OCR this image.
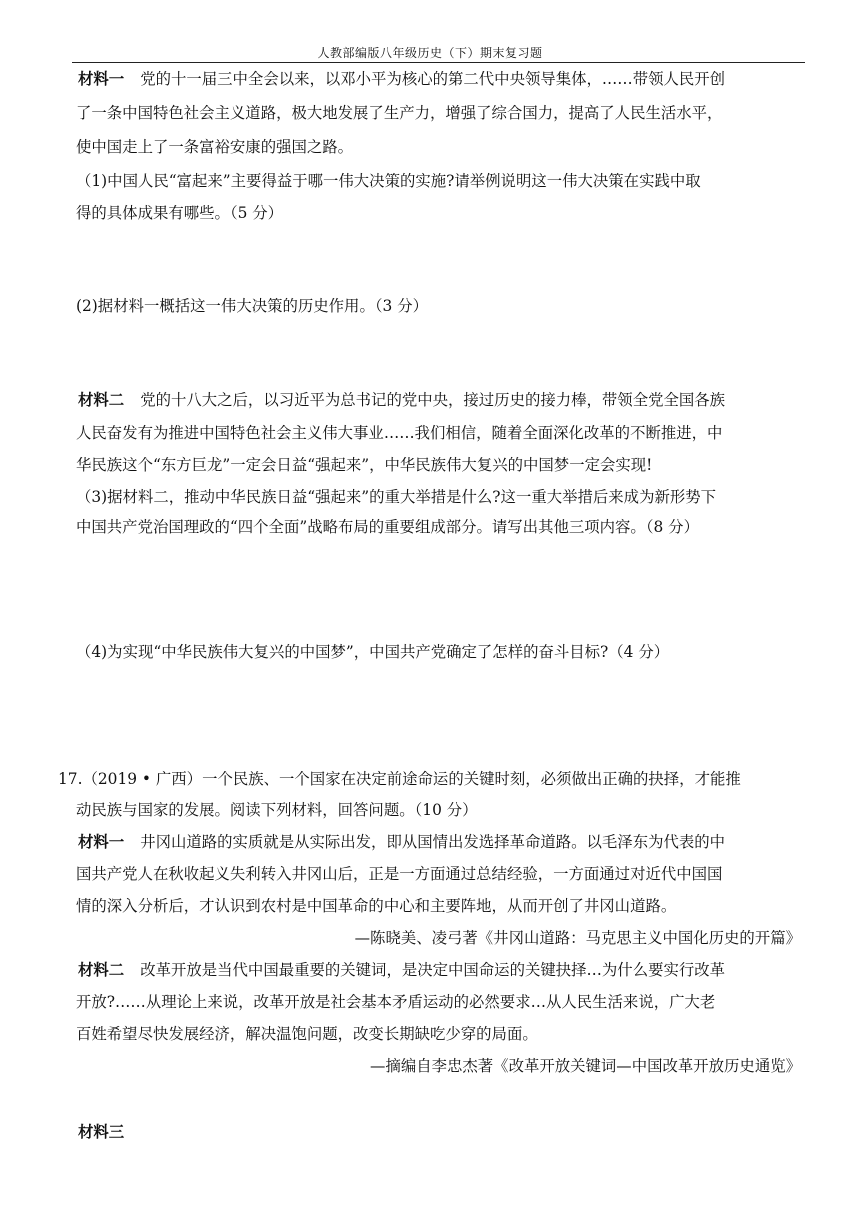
人教部编版八年级历史（下）期末复习题
材料一 党的十一届三中全会以来，以邓小平为核心的第二代中央领导集体，……带领人民开创
了一条中国特色社会主义道路，极大地发展了生产力，增强了综合国力，提高了人民生活水平，
使中国走上了一条富裕安康的强国之路。
（1)中国人民“富起来”主要得益于哪一伟大决策的实施?请举例说明这一伟大决策在实践中取
得的具体成果有哪些。（5 分）
(2)据材料一概括这一伟大决策的历史作用。（3 分）
材料二 党的十八大之后，以习近平为总书记的党中央，接过历史的接力棒，带领全党全国各族
人民奋发有为推进中国特色社会主义伟大事业……我们相信，随着全面深化改革的不断推进，中
华民族这个“东方巨龙”一定会日益“强起来”，中华民族伟大复兴的中国梦一定会实现!
（3)据材料二，推动中华民族日益“强起来”的重大举措是什么?这一重大举措后来成为新形势下
中国共产党治国理政的“四个全面”战略布局的重要组成部分。请写出其他三项内容。（8 分）
（4)为实现“中华民族伟大复兴的中国梦”，中国共产党确定了怎样的奋斗目标?（4 分）
17.（2019 • 广西）一个民族、一个国家在决定前途命运的关键时刻，必须做出正确的抉择，才能推
动民族与国家的发展。阅读下列材料，回答问题。（10 分）
材料一 井冈山道路的实质就是从实际出发，即从国情出发选择革命道路。以毛泽东为代表的中
国共产党人在秋收起义失利转入井冈山后，正是一方面通过总结经验，一方面通过对近代中国国
情的深入分析后，才认识到农村是中国革命的中心和主要阵地，从而开创了井冈山道路。
—陈晓美、凌弓著《井冈山道路：马克思主义中国化历史的开篇》
材料二 改革开放是当代中国最重要的关键词，是决定中国命运的关键抉择…为什么要实行改革
开放?……从理论上来说，改革开放是社会基本矛盾运动的必然要求…从人民生活来说，广大老
百姓希望尽快发展经济，解决温饱问题，改变长期缺吃少穿的局面。
—摘编自李忠杰著《改革开放关键词—中国改革开放历史通览》
材料三
